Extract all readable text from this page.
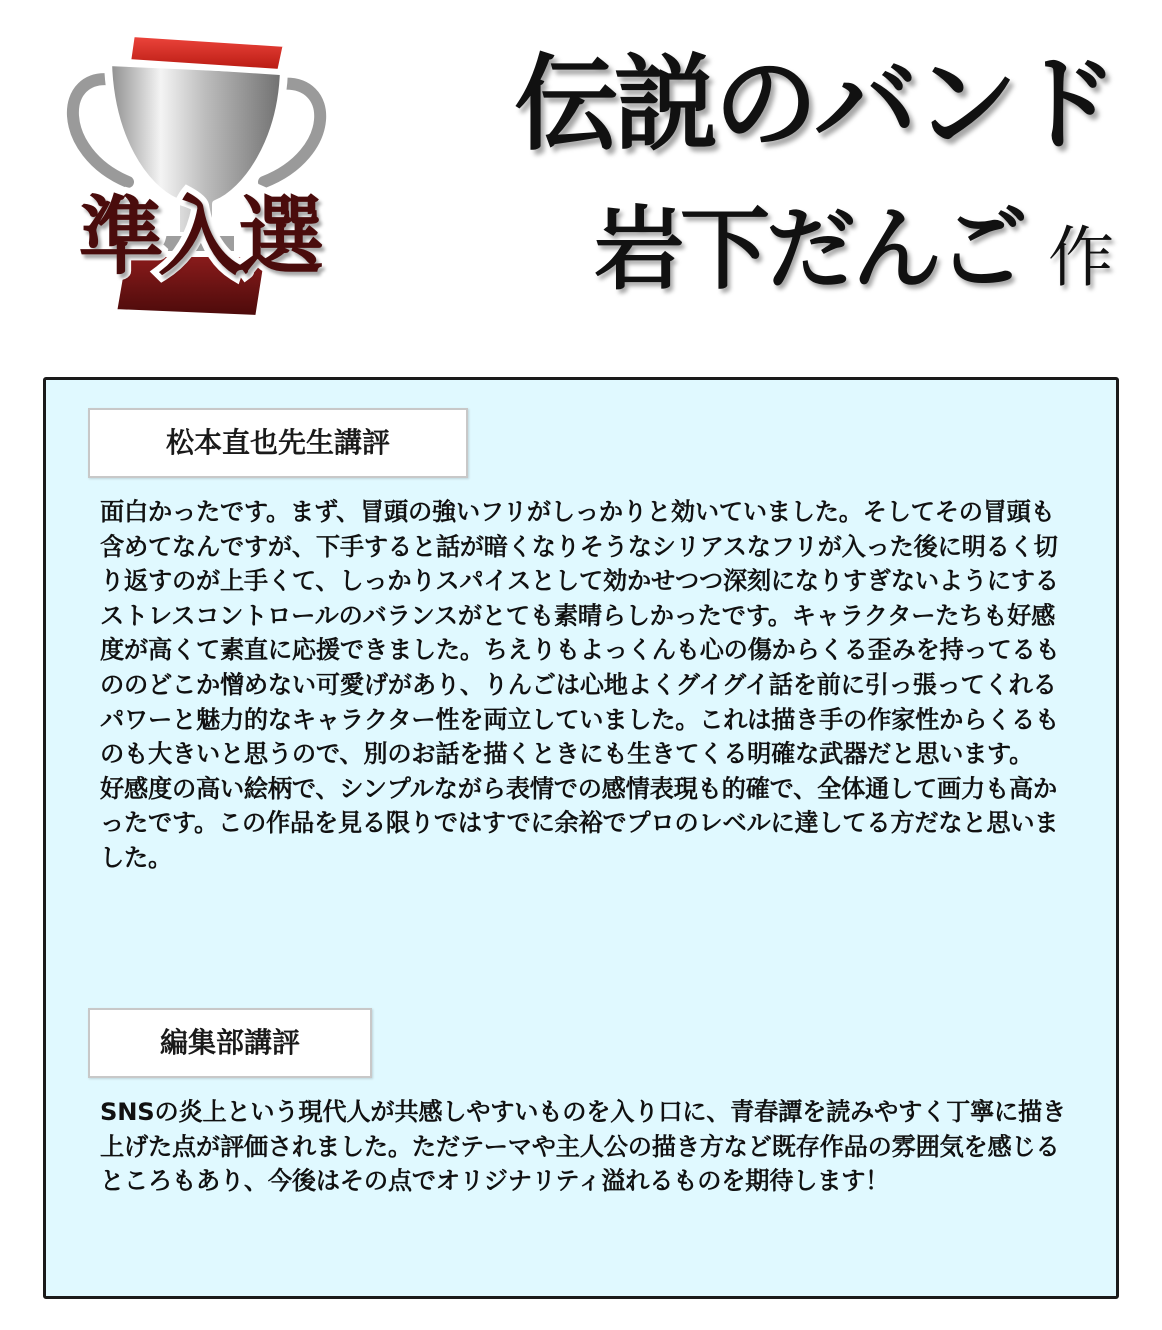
準入選
伝説のバンド
岩下だんご 作
松本直也先生講評

面白かったです。まず、冒頭の強いフリがしっかりと効いていました。そしてその冒頭も含めてなんですが、下手すると話が暗くなりそうなシリアスなフリが入った後に明るく切り返すのが上手くて、しっかりスパイスとして効かせつつ深刻になりすぎないようにするストレスコントロールのバランスがとても素晴らしかったです。キャラクターたちも好感度が高くて素直に応援できました。ちえりもよっくんも心の傷からくる歪みを持ってるもののどこか憎めない可愛げがあり、りんごは心地よくグイグイ話を前に引っ張ってくれるパワーと魅力的なキャラクター性を両立していました。これは描き手の作家性からくるものも大きいと思うので、別のお話を描くときにも生きてくる明確な武器だと思います。

好感度の高い絵柄で、シンプルながら表情での感情表現も的確で、全体通して画力も高かったです。この作品を見る限りではすでに余裕でプロのレベルに達してる方だなと思いました。

編集部講評

SNSの炎上という現代人が共感しやすいものを入り口に、青春譚を読みやすく丁寧に描き上げた点が評価されました。ただテーマや主人公の描き方など既存作品の雰囲気を感じるところもあり、今後はその点でオリジナリティ溢れるものを期待します！
